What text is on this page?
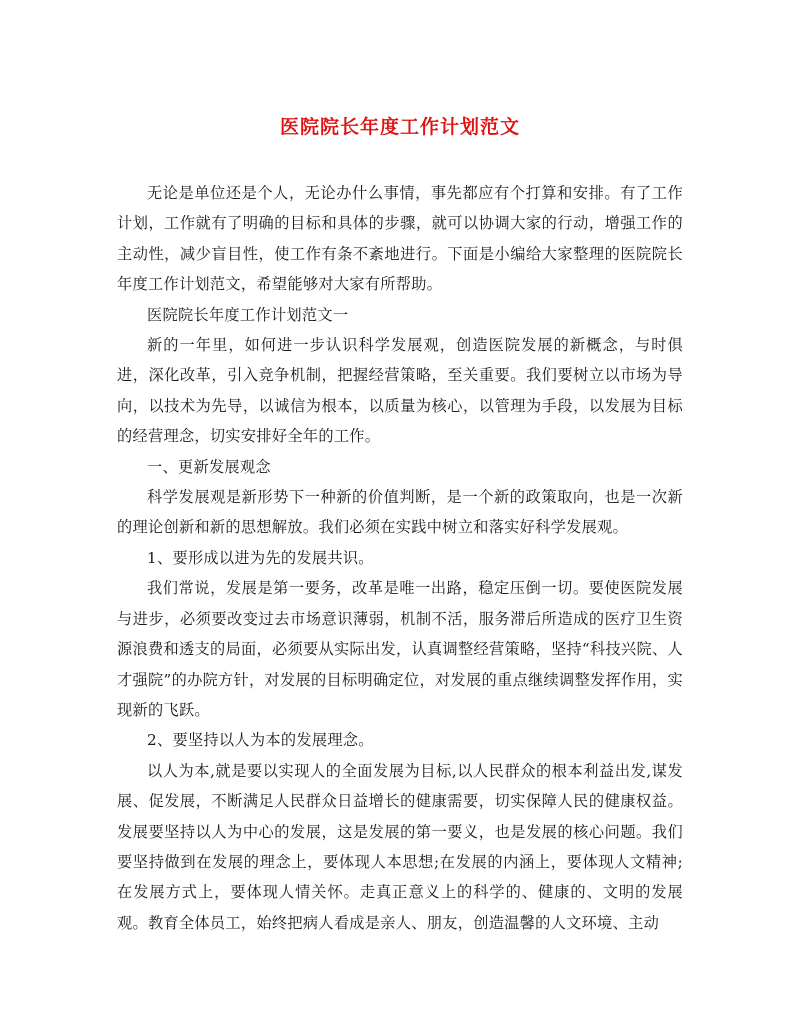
医院院长年度工作计划范文

无论是单位还是个人，无论办什么事情，事先都应有个打算和安排。有了工作计划，工作就有了明确的目标和具体的步骤，就可以协调大家的行动，增强工作的主动性，减少盲目性，使工作有条不紊地进行。下面是小编给大家整理的医院院长年度工作计划范文，希望能够对大家有所帮助。

医院院长年度工作计划范文一

新的一年里，如何进一步认识科学发展观，创造医院发展的新概念，与时俱进，深化改革，引入竞争机制，把握经营策略，至关重要。我们要树立以市场为导向，以技术为先导，以诚信为根本，以质量为核心，以管理为手段，以发展为目标的经营理念，切实安排好全年的工作。

一、更新发展观念

科学发展观是新形势下一种新的价值判断，是一个新的政策取向，也是一次新的理论创新和新的思想解放。我们必须在实践中树立和落实好科学发展观。

1、要形成以进为先的发展共识。

我们常说，发展是第一要务，改革是唯一出路，稳定压倒一切。要使医院发展与进步，必须要改变过去市场意识薄弱，机制不活，服务滞后所造成的医疗卫生资源浪费和透支的局面，必须要从实际出发，认真调整经营策略，坚持“科技兴院、人才强院”的办院方针，对发展的目标明确定位，对发展的重点继续调整发挥作用，实现新的飞跃。

2、要坚持以人为本的发展理念。

以人为本,就是要以实现人的全面发展为目标,以人民群众的根本利益出发,谋发展、促发展，不断满足人民群众日益增长的健康需要，切实保障人民的健康权益。发展要坚持以人为中心的发展，这是发展的第一要义，也是发展的核心问题。我们要坚持做到在发展的理念上，要体现人本思想;在发展的内涵上，要体现人文精神;在发展方式上，要体现人情关怀。走真正意义上的科学的、健康的、文明的发展观。教育全体员工，始终把病人看成是亲人、朋友，创造温馨的人文环境、主动
